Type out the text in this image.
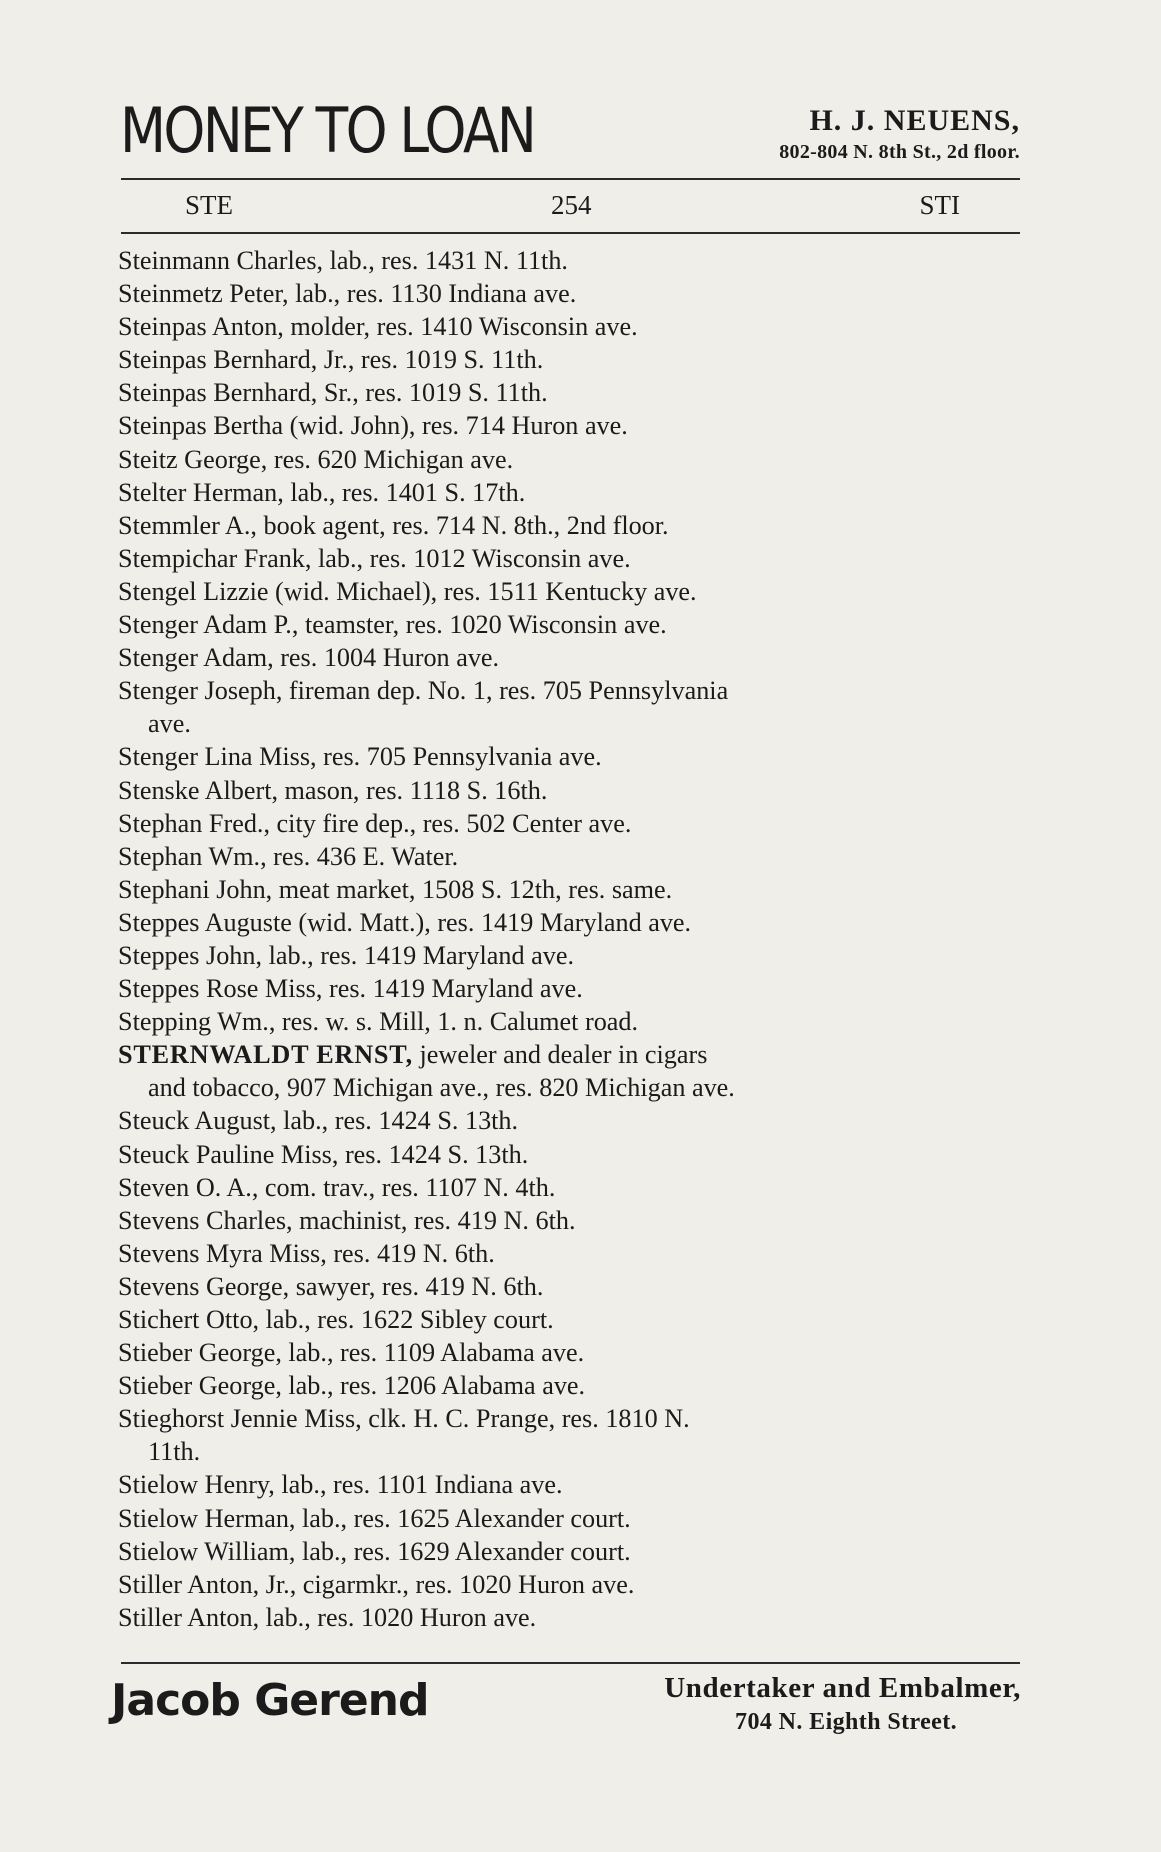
MONEY TO LOAN	H. J. NEUENS,
802-804 N. 8th St., 2d floor.
STE	254	STI
Steinmann Charles, lab., res. 1431 N. 11th.
Steinmetz Peter, lab., res. 1130 Indiana ave.
Steinpas Anton, molder, res. 1410 Wisconsin ave.
Steinpas Bernhard, Jr., res. 1019 S. 11th.
Steinpas Bernhard, Sr., res. 1019 S. 11th.
Steinpas Bertha (wid. John), res. 714 Huron ave.
Steitz George, res. 620 Michigan ave.
Stelter Herman, lab., res. 1401 S. 17th.
Stemmler A., book agent, res. 714 N. 8th., 2nd floor.
Stempichar Frank, lab., res. 1012 Wisconsin ave.
Stengel Lizzie (wid. Michael), res. 1511 Kentucky ave.
Stenger Adam P., teamster, res. 1020 Wisconsin ave.
Stenger Adam, res. 1004 Huron ave.
Stenger Joseph, fireman dep. No. 1, res. 705 Pennsylvania
ave.
Stenger Lina Miss, res. 705 Pennsylvania ave.
Stenske Albert, mason, res. 1118 S. 16th.
Stephan Fred., city fire dep., res. 502 Center ave.
Stephan Wm., res. 436 E. Water.
Stephani John, meat market, 1508 S. 12th, res. same.
Steppes Auguste (wid. Matt.), res. 1419 Maryland ave.
Steppes John, lab., res. 1419 Maryland ave.
Steppes Rose Miss, res. 1419 Maryland ave.
Stepping Wm., res. w. s. Mill, 1. n. Calumet road.
STERNWALDT ERNST, jeweler and dealer in cigars
and tobacco, 907 Michigan ave., res. 820 Michigan ave.
Steuck August, lab., res. 1424 S. 13th.
Steuck Pauline Miss, res. 1424 S. 13th.
Steven O. A., com. trav., res. 1107 N. 4th.
Stevens Charles, machinist, res. 419 N. 6th.
Stevens Myra Miss, res. 419 N. 6th.
Stevens George, sawyer, res. 419 N. 6th.
Stichert Otto, lab., res. 1622 Sibley court.
Stieber George, lab., res. 1109 Alabama ave.
Stieber George, lab., res. 1206 Alabama ave.
Stieghorst Jennie Miss, clk. H. C. Prange, res. 1810 N.
11th.
Stielow Henry, lab., res. 1101 Indiana ave.
Stielow Herman, lab., res. 1625 Alexander court.
Stielow William, lab., res. 1629 Alexander court.
Stiller Anton, Jr., cigarmkr., res. 1020 Huron ave.
Stiller Anton, lab., res. 1020 Huron ave.
Jacob Gerend	Undertaker and Embalmer,
704 N. Eighth Street.
